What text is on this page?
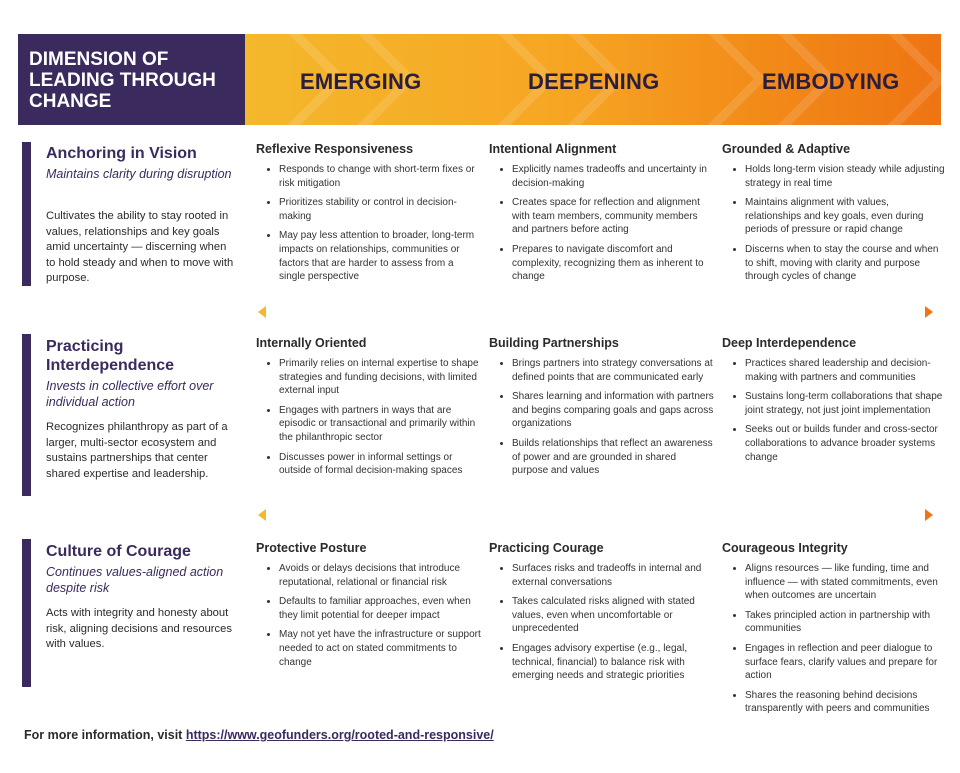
DIMENSION OF LEADING THROUGH CHANGE
EMERGING	DEEPENING	EMBODYING
Anchoring in Vision
Maintains clarity during disruption
Cultivates the ability to stay rooted in values, relationships and key goals amid uncertainty — discerning when to hold steady and when to move with purpose.
Reflexive Responsiveness
Responds to change with short-term fixes or risk mitigation
Prioritizes stability or control in decision-making
May pay less attention to broader, long-term impacts on relationships, communities or factors that are harder to assess from a single perspective
Intentional Alignment
Explicitly names tradeoffs and uncertainty in decision-making
Creates space for reflection and alignment with team members, community members and partners before acting
Prepares to navigate discomfort and complexity, recognizing them as inherent to change
Grounded & Adaptive
Holds long-term vision steady while adjusting strategy in real time
Maintains alignment with values, relationships and key goals, even during periods of pressure or rapid change
Discerns when to stay the course and when to shift, moving with clarity and purpose through cycles of change
Practicing Interdependence
Invests in collective effort over individual action
Recognizes philanthropy as part of a larger, multi-sector ecosystem and sustains partnerships that center shared expertise and leadership.
Internally Oriented
Primarily relies on internal expertise to shape strategies and funding decisions, with limited external input
Engages with partners in ways that are episodic or transactional and primarily within the philanthropic sector
Discusses power in informal settings or outside of formal decision-making spaces
Building Partnerships
Brings partners into strategy conversations at defined points that are communicated early
Shares learning and information with partners and begins comparing goals and gaps across organizations
Builds relationships that reflect an awareness of power and are grounded in shared purpose and values
Deep Interdependence
Practices shared leadership and decision-making with partners and communities
Sustains long-term collaborations that shape joint strategy, not just joint implementation
Seeks out or builds funder and cross-sector collaborations to advance broader systems change
Culture of Courage
Continues values-aligned action despite risk
Acts with integrity and honesty about risk, aligning decisions and resources with values.
Protective Posture
Avoids or delays decisions that introduce reputational, relational or financial risk
Defaults to familiar approaches, even when they limit potential for deeper impact
May not yet have the infrastructure or support needed to act on stated commitments to change
Practicing Courage
Surfaces risks and tradeoffs in internal and external conversations
Takes calculated risks aligned with stated values, even when uncomfortable or unprecedented
Engages advisory expertise (e.g., legal, technical, financial) to balance risk with emerging needs and strategic priorities
Courageous Integrity
Aligns resources — like funding, time and influence — with stated commitments, even when outcomes are uncertain
Takes principled action in partnership with communities
Engages in reflection and peer dialogue to surface fears, clarify values and prepare for action
Shares the reasoning behind decisions transparently with peers and communities
For more information, visit https://www.geofunders.org/rooted-and-responsive/
